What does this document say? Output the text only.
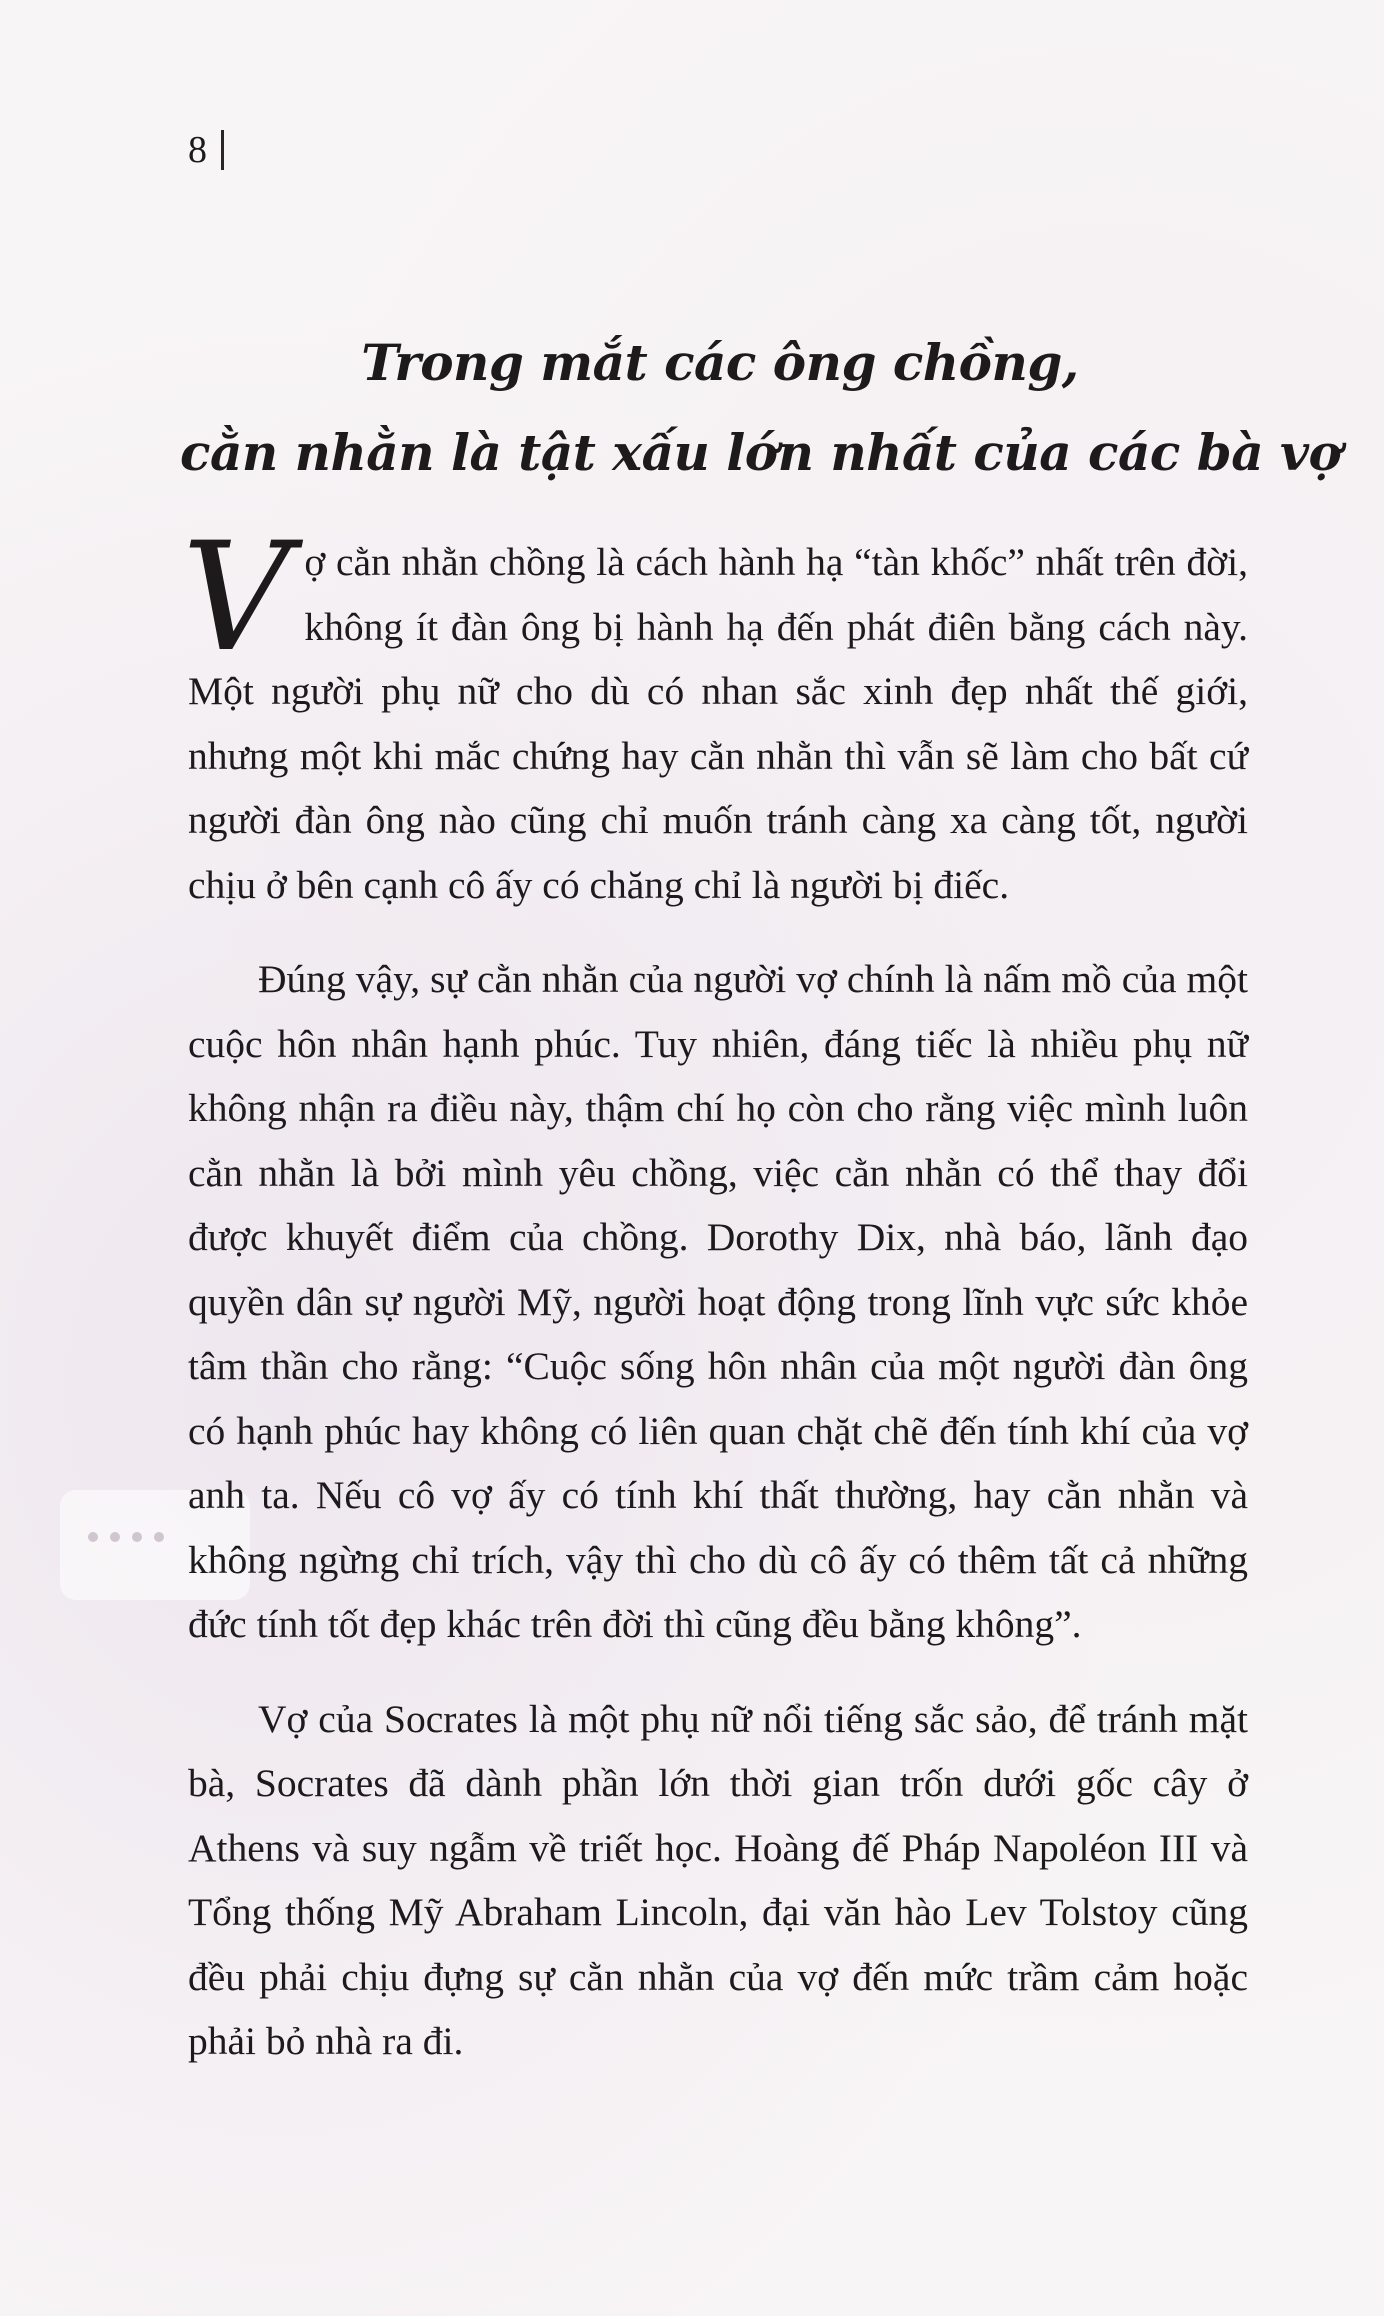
8
Trong mắt các ông chồng,
cằn nhằn là tật xấu lớn nhất của các bà vợ

Vợ cằn nhằn chồng là cách hành hạ “tàn khốc” nhất trên đời, không ít đàn ông bị hành hạ đến phát điên bằng cách này. Một người phụ nữ cho dù có nhan sắc xinh đẹp nhất thế giới, nhưng một khi mắc chứng hay cằn nhằn thì vẫn sẽ làm cho bất cứ người đàn ông nào cũng chỉ muốn tránh càng xa càng tốt, người chịu ở bên cạnh cô ấy có chăng chỉ là người bị điếc.

Đúng vậy, sự cằn nhằn của người vợ chính là nấm mồ của một cuộc hôn nhân hạnh phúc. Tuy nhiên, đáng tiếc là nhiều phụ nữ không nhận ra điều này, thậm chí họ còn cho rằng việc mình luôn cằn nhằn là bởi mình yêu chồng, việc cằn nhằn có thể thay đổi được khuyết điểm của chồng. Dorothy Dix, nhà báo, lãnh đạo quyền dân sự người Mỹ, người hoạt động trong lĩnh vực sức khỏe tâm thần cho rằng: “Cuộc sống hôn nhân của một người đàn ông có hạnh phúc hay không có liên quan chặt chẽ đến tính khí của vợ anh ta. Nếu cô vợ ấy có tính khí thất thường, hay cằn nhằn và không ngừng chỉ trích, vậy thì cho dù cô ấy có thêm tất cả những đức tính tốt đẹp khác trên đời thì cũng đều bằng không”.

Vợ của Socrates là một phụ nữ nổi tiếng sắc sảo, để tránh mặt bà, Socrates đã dành phần lớn thời gian trốn dưới gốc cây ở Athens và suy ngẫm về triết học. Hoàng đế Pháp Napoléon III và Tổng thống Mỹ Abraham Lincoln, đại văn hào Lev Tolstoy cũng đều phải chịu đựng sự cằn nhằn của vợ đến mức trầm cảm hoặc phải bỏ nhà ra đi.
